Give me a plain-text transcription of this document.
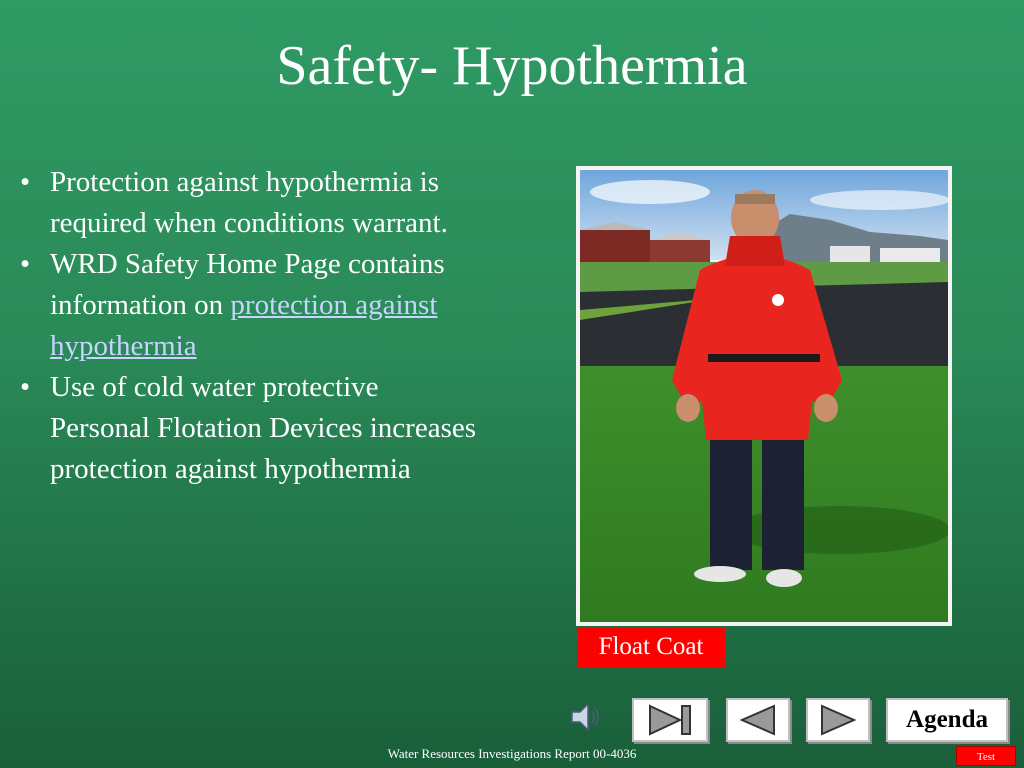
Safety- Hypothermia
• Protection against hypothermia is required when conditions warrant.
• WRD Safety Home Page contains information on protection against hypothermia
• Use of cold water protective Personal Flotation Devices increases protection against hypothermia
Float Coat
Agenda
Water Resources Investigations Report 00-4036	Test
